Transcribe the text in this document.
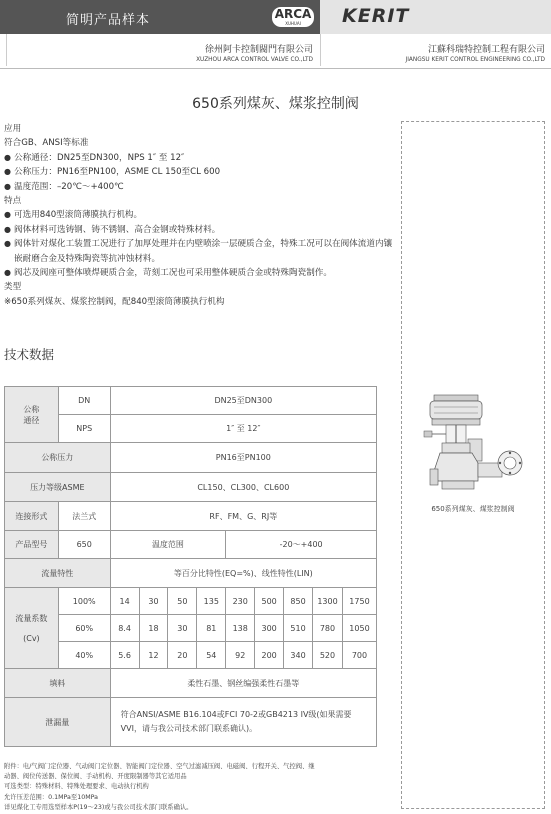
简明产品样本	ARCA
XUHUAI	KERIT
徐州阿卡控制閥門有限公司
XUZHOU ARCA CONTROL VALVE CO.,LTD
江蘇科瑞特控制工程有限公司
JIANGSU KERIT CONTROL ENGINEERING CO.,LTD
650系列煤灰、煤浆控制阀
应用
符合GB、ANSI等标准
● 公称通径：DN25至DN300，NPS 1″ 至 12″
● 公称压力：PN16至PN100，ASME CL 150至CL 600
● 温度范围：–20℃～+400℃
特点
● 可选用840型滚筒薄膜执行机构。
● 阀体材料可选铸钢、铸不锈钢、高合金钢或特殊材料。
● 阀体针对煤化工装置工况进行了加厚处理并在内壁喷涂一层硬质合金，特殊工况可以在阀体流道内镶嵌耐磨合金及特殊陶瓷等抗冲蚀材料。
● 阀芯及阀座可整体喷焊硬质合金，苛刻工况也可采用整体硬质合金或特殊陶瓷制作。
类型
※650系列煤灰、煤浆控制阀，配840型滚筒薄膜执行机构
技术数据
公称
通径	DN	DN25至DN300								
	NPS	1″ 至 12″								
公称压力		PN16至PN100								
压力等级ASME		CL150、CL300、CL600								
连接形式	法兰式	RF、FM、G、RJ等								
产品型号	650	温度范围				-20～+400				
流量特性		等百分比特性(EQ=%)、线性特性(LIN)								

流量系数
(Cv)	100%	14	30	50	135	230	500	850	1300	1750
	60%	8.4	18	30	81	138	300	510	780	1050
	40%	5.6	12	20	54	92	200	340	520	700
填料		柔性石墨、钢丝编强柔性石墨等								
泄漏量		符合ANSI/ASME B16.104或FCI 70-2或GB4213 IV级(如果需要VVI，请与我公司技术部门联系确认)。								
附件：电/气阀门定位器、气动阀门定位器、智能阀门定位器、空气过滤减压阀、电磁阀、行程开关、气控阀、继
动器、阀位传送器、保位阀、手动机构、开度限制器等其它适用品
可选类型：特殊材料、特殊处理要求、电动执行机构
允许压差范围：0.1MPa至10MPa
详见煤化工专用选型样本P(19～23)或与我公司技术部门联系确认。
650系列煤灰、煤浆控制阀
